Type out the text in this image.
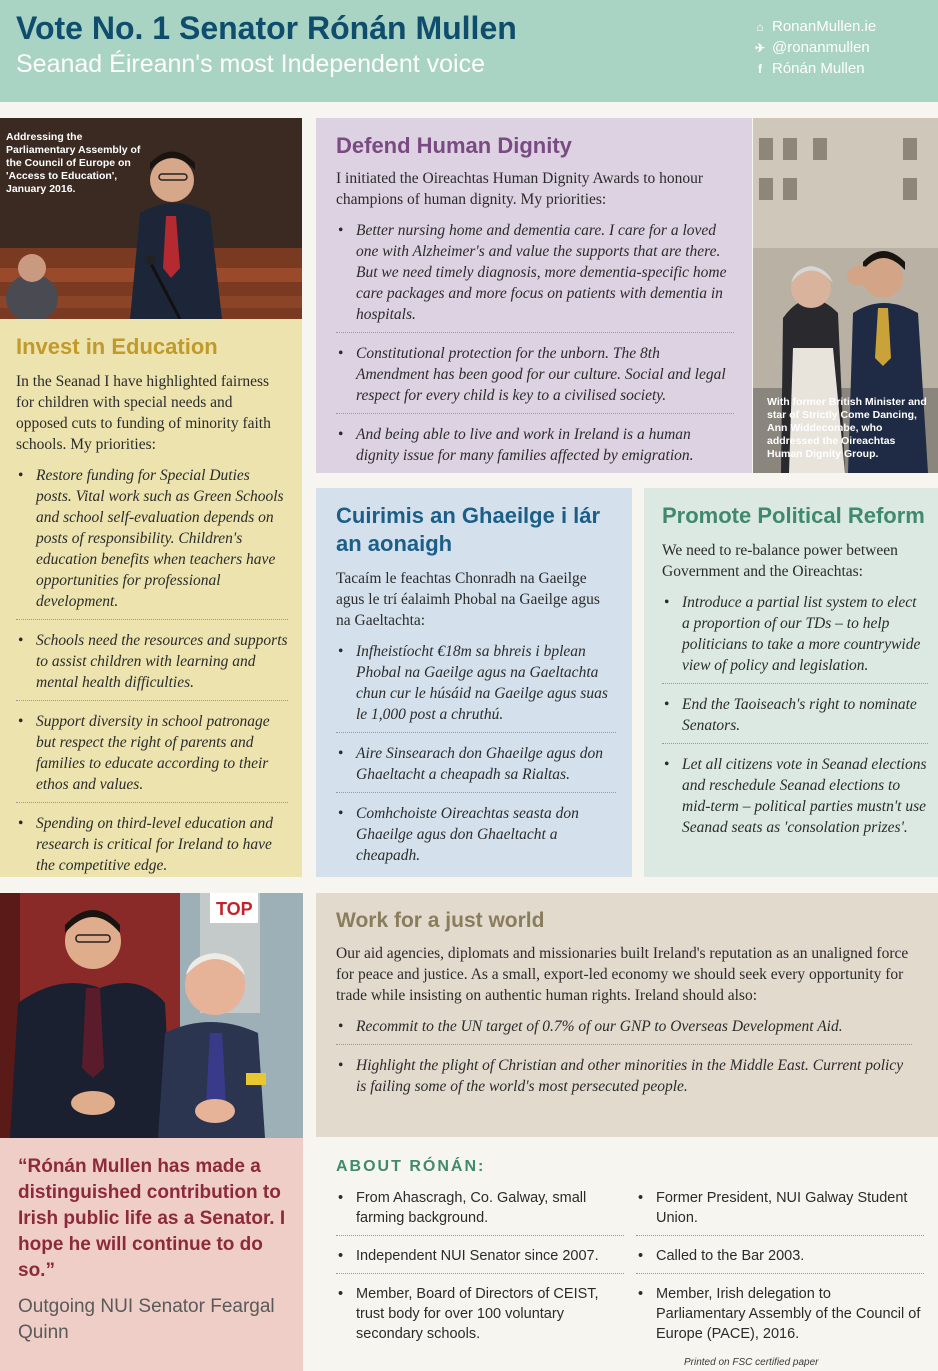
Vote No. 1 Senator Rónán Mullen
Seanad Éireann's most Independent voice
⌂ RonanMullen.ie
✈ @ronanmullen
f Rónán Mullen
Addressing the Parliamentary Assembly of the Council of Europe on 'Access to Education', January 2016.
With former British Minister and star of Strictly Come Dancing, Ann Widdecombe, who addressed the Oireachtas Human Dignity Group.
TOP
Invest in Education

In the Seanad I have highlighted fairness for children with special needs and opposed cuts to funding of minority faith schools. My priorities:

• Restore funding for Special Duties posts. Vital work such as Green Schools and school self-evaluation depends on posts of responsibility. Children's education benefits when teachers have opportunities for professional development.
• Schools need the resources and supports to assist children with learning and mental health difficulties.
• Support diversity in school patronage but respect the right of parents and families to educate according to their ethos and values.
• Spending on third-level education and research is critical for Ireland to have the competitive edge.
Defend Human Dignity

I initiated the Oireachtas Human Dignity Awards to honour champions of human dignity. My priorities:

• Better nursing home and dementia care. I care for a loved one with Alzheimer's and value the supports that are there. But we need timely diagnosis, more dementia-specific home care packages and more focus on patients with dementia in hospitals.
• Constitutional protection for the unborn. The 8th Amendment has been good for our culture. Social and legal respect for every child is key to a civilised society.
• And being able to live and work in Ireland is a human dignity issue for many families affected by emigration.
Cuirimis an Ghaeilge i lár an aonaigh

Tacaím le feachtas Chonradh na Gaeilge agus le trí éalaimh Phobal na Gaeilge agus na Gaeltachta:

• Infheistíocht €18m sa bhreis i bplean Phobal na Gaeilge agus na Gaeltachta chun cur le húsáid na Gaeilge agus suas le 1,000 post a chruthú.
• Aire Sinsearach don Ghaeilge agus don Ghaeltacht a cheapadh sa Rialtas.
• Comhchoiste Oireachtas seasta don Ghaeilge agus don Ghaeltacht a cheapadh.
Promote Political Reform

We need to re-balance power between Government and the Oireachtas:

• Introduce a partial list system to elect a proportion of our TDs – to help politicians to take a more countrywide view of policy and legislation.
• End the Taoiseach's right to nominate Senators.
• Let all citizens vote in Seanad elections and reschedule Seanad elections to mid-term – political parties mustn't use Seanad seats as 'consolation prizes'.
Work for a just world

Our aid agencies, diplomats and missionaries built Ireland's reputation as an unaligned force for peace and justice. As a small, export-led economy we should seek every opportunity for trade while insisting on authentic human rights. Ireland should also:

• Recommit to the UN target of 0.7% of our GNP to Overseas Development Aid.
• Highlight the plight of Christian and other minorities in the Middle East. Current policy is failing some of the world's most persecuted people.
“Rónán Mullen has made a distinguished contribution to Irish public life as a Senator. I hope he will continue to do so.”
Outgoing NUI Senator Feargal Quinn
ABOUT RÓNÁN:
• From Ahascragh, Co. Galway, small farming background.
• Independent NUI Senator since 2007.
• Member, Board of Directors of CEIST, trust body for over 100 voluntary secondary schools.
• Former President, NUI Galway Student Union.
• Called to the Bar 2003.
• Member, Irish delegation to Parliamentary Assembly of the Council of Europe (PACE), 2016.
Printed on FSC certified paper
